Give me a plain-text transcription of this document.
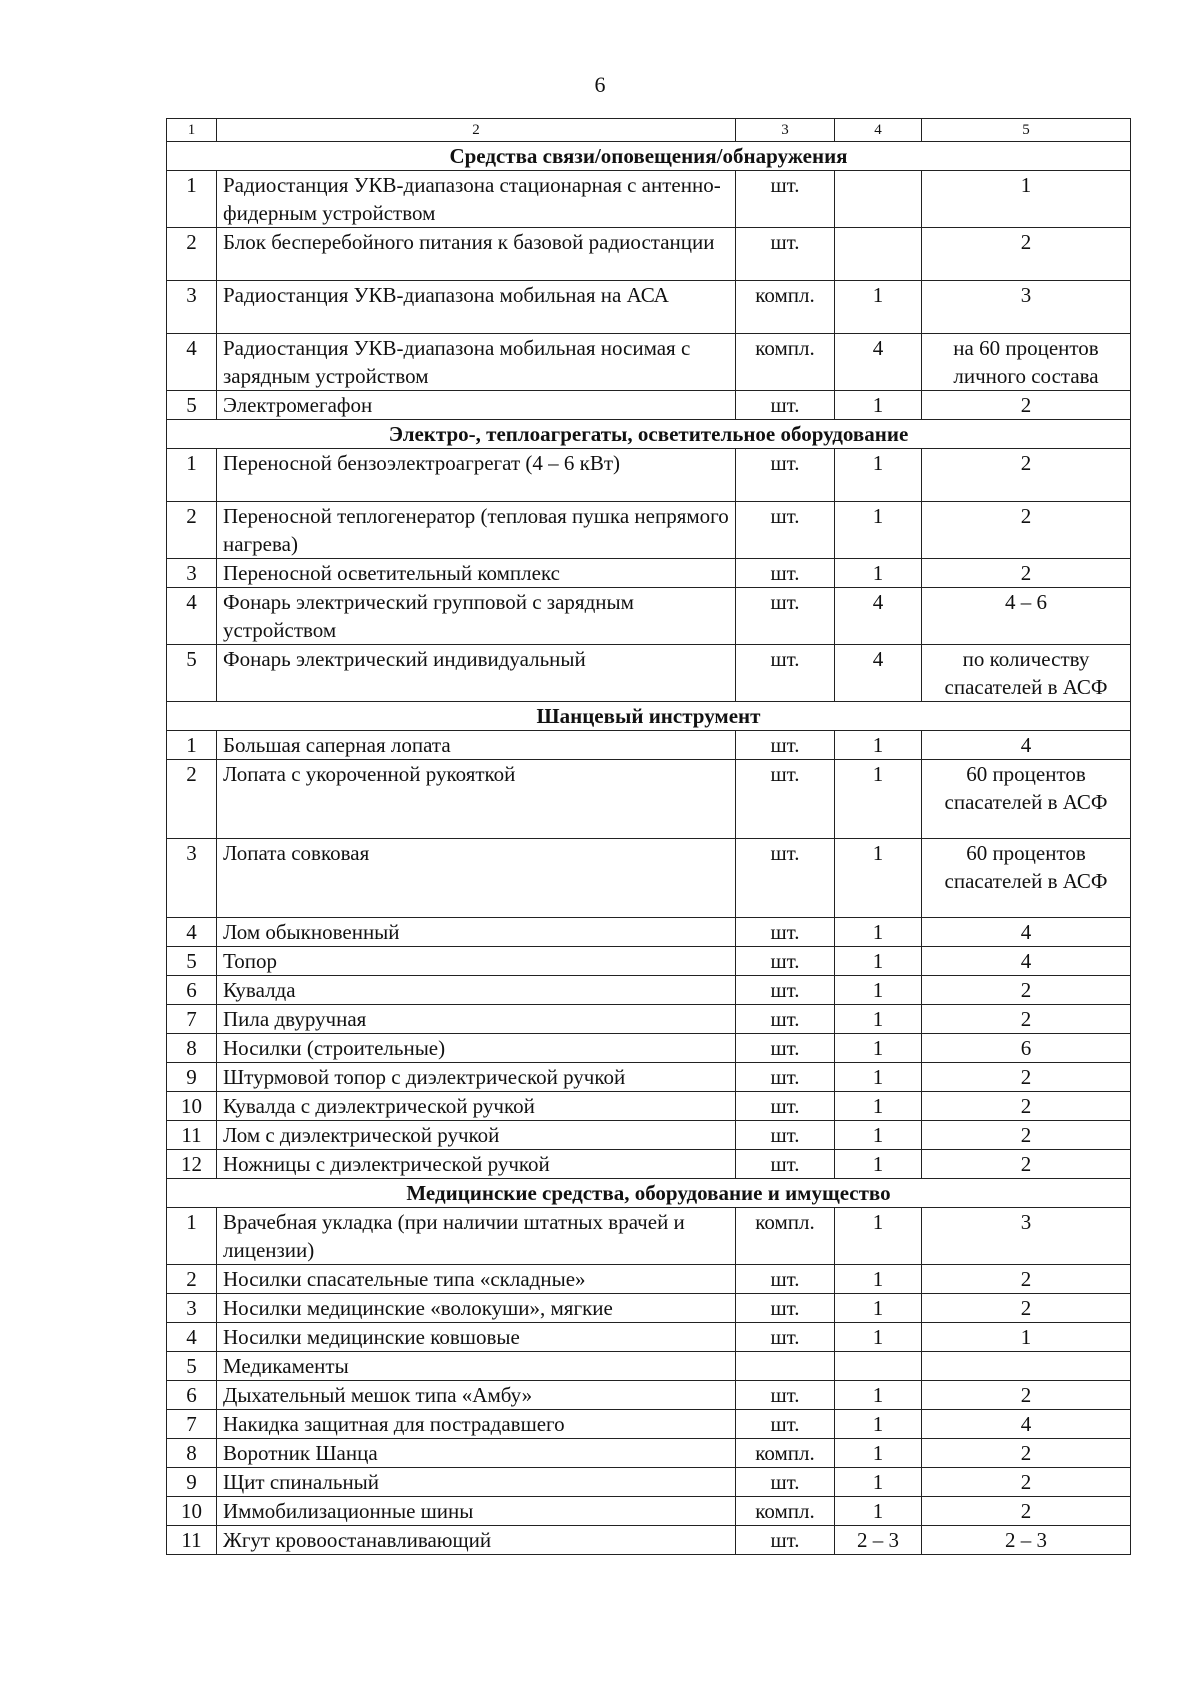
6
1	2	3	4	5
Средства связи/оповещения/обнаружения				
1	Радиостанция УКВ-диапазона стационарная с антенно-фидерным устройством	шт.		1
2	Блок бесперебойного питания к базовой радиостанции	шт.		2
3	Радиостанция УКВ-диапазона мобильная на АСА	компл.	1	3
4	Радиостанция УКВ-диапазона мобильная носимая с зарядным устройством	компл.	4	на 60 процентов личного состава
5	Электромегафон	шт.	1	2
Электро-, теплоагрегаты, осветительное оборудование				
1	Переносной бензоэлектроагрегат (4 – 6 кВт)	шт.	1	2
2	Переносной теплогенератор (тепловая пушка непрямого нагрева)	шт.	1	2
3	Переносной осветительный комплекс	шт.	1	2
4	Фонарь электрический групповой с зарядным устройством	шт.	4	4 – 6
5	Фонарь электрический индивидуальный	шт.	4	по количеству спасателей в АСФ
Шанцевый инструмент				
1	Большая саперная лопата	шт.	1	4
2	Лопата с укороченной рукояткой	шт.	1	60 процентов спасателей в АСФ
3	Лопата совковая	шт.	1	60 процентов спасателей в АСФ
4	Лом обыкновенный	шт.	1	4
5	Топор	шт.	1	4
6	Кувалда	шт.	1	2
7	Пила двуручная	шт.	1	2
8	Носилки (строительные)	шт.	1	6
9	Штурмовой топор с диэлектрической ручкой	шт.	1	2
10	Кувалда с диэлектрической ручкой	шт.	1	2
11	Лом с диэлектрической ручкой	шт.	1	2
12	Ножницы с диэлектрической ручкой	шт.	1	2
Медицинские средства, оборудование и имущество				
1	Врачебная укладка (при наличии штатных врачей и лицензии)	компл.	1	3
2	Носилки спасательные типа «складные»	шт.	1	2
3	Носилки медицинские «волокуши», мягкие	шт.	1	2
4	Носилки медицинские ковшовые	шт.	1	1
5	Медикаменты			
6	Дыхательный мешок типа «Амбу»	шт.	1	2
7	Накидка защитная для пострадавшего	шт.	1	4
8	Воротник Шанца	компл.	1	2
9	Щит спинальный	шт.	1	2
10	Иммобилизационные шины	компл.	1	2
11	Жгут кровоостанавливающий	шт.	2 – 3	2 – 3
